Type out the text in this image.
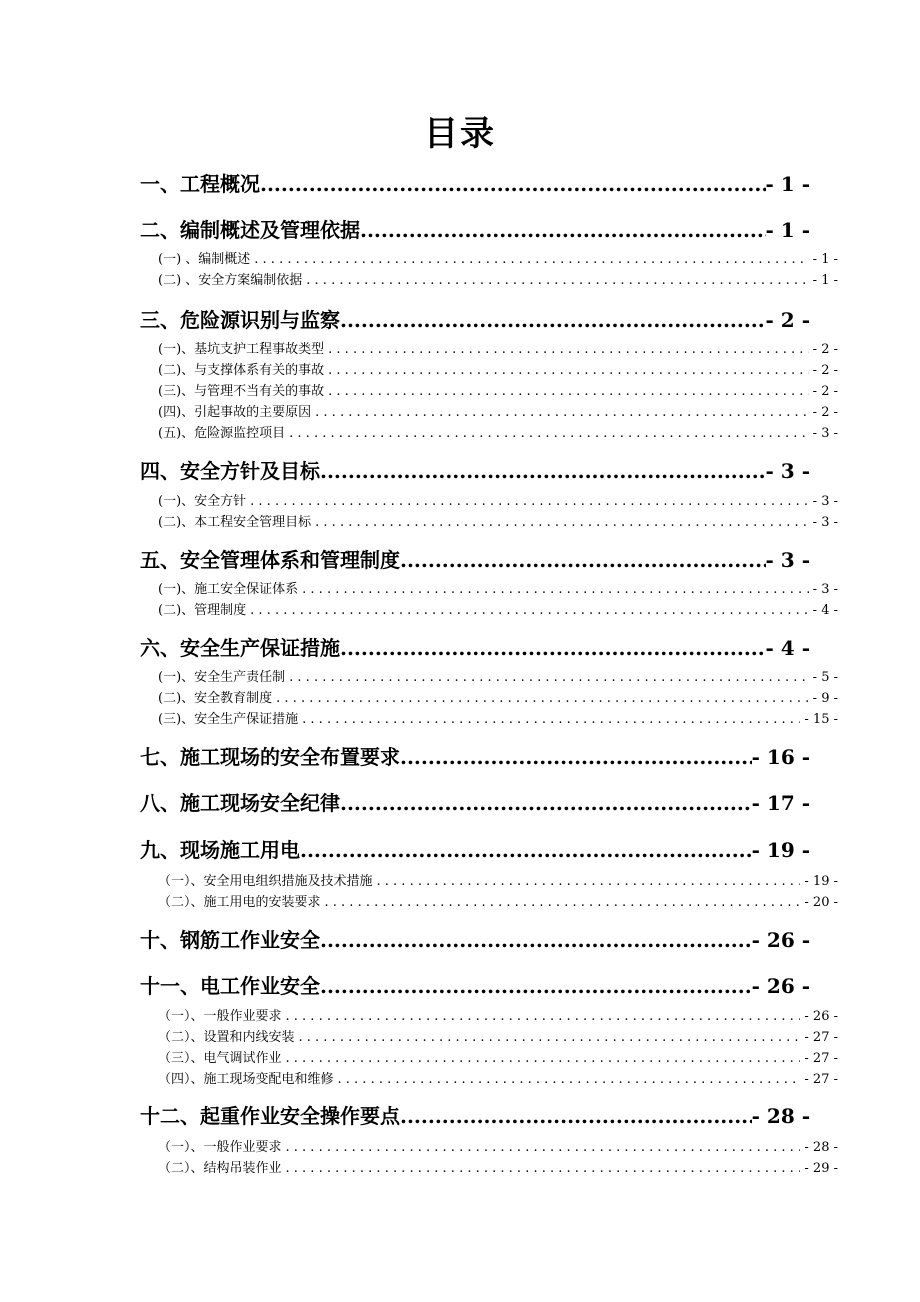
目录
一、工程概况 .....	- 1 -
二、编制概述及管理依据 .....	- 1 -
(一) 、编制概述 . . .	- 1 -
(二) 、安全方案编制依据 . . .	- 1 -
三、危险源识别与监察 .....	- 2 -
(一)、基坑支护工程事故类型 . . .	- 2 -
(二)、与支撑体系有关的事故 . . .	- 2 -
(三)、与管理不当有关的事故 . . .	- 2 -
(四)、引起事故的主要原因 . . .	- 2 -
(五)、危险源监控项目 . . .	- 3 -
四、安全方针及目标 .....	- 3 -
(一)、安全方针 . . .	- 3 -
(二)、本工程安全管理目标 . . .	- 3 -
五、安全管理体系和管理制度 .....	- 3 -
(一)、施工安全保证体系 . . .	- 3 -
(二)、管理制度 . . .	- 4 -
六、安全生产保证措施 .....	- 4 -
(一)、安全生产责任制 . . .	- 5 -
(二)、安全教育制度 . . .	- 9 -
(三)、安全生产保证措施 . . .	- 15 -
七、施工现场的安全布置要求 .....	- 16 -
八、施工现场安全纪律 .....	- 17 -
九、现场施工用电 .....	- 19 -
（一）、安全用电组织措施及技术措施 . . .	- 19 -
（二）、施工用电的安装要求 . . .	- 20 -
十、钢筋工作业安全 .....	- 26 -
十一、电工作业安全 .....	- 26 -
（一）、一般作业要求 . . .	- 26 -
（二）、设置和内线安装 . . .	- 27 -
（三）、电气调试作业 . . .	- 27 -
（四）、施工现场变配电和维修 . . .	- 27 -
十二、起重作业安全操作要点 .....	- 28 -
（一）、一般作业要求 . . .	- 28 -
（二）、结构吊装作业 . . .	- 29 -
